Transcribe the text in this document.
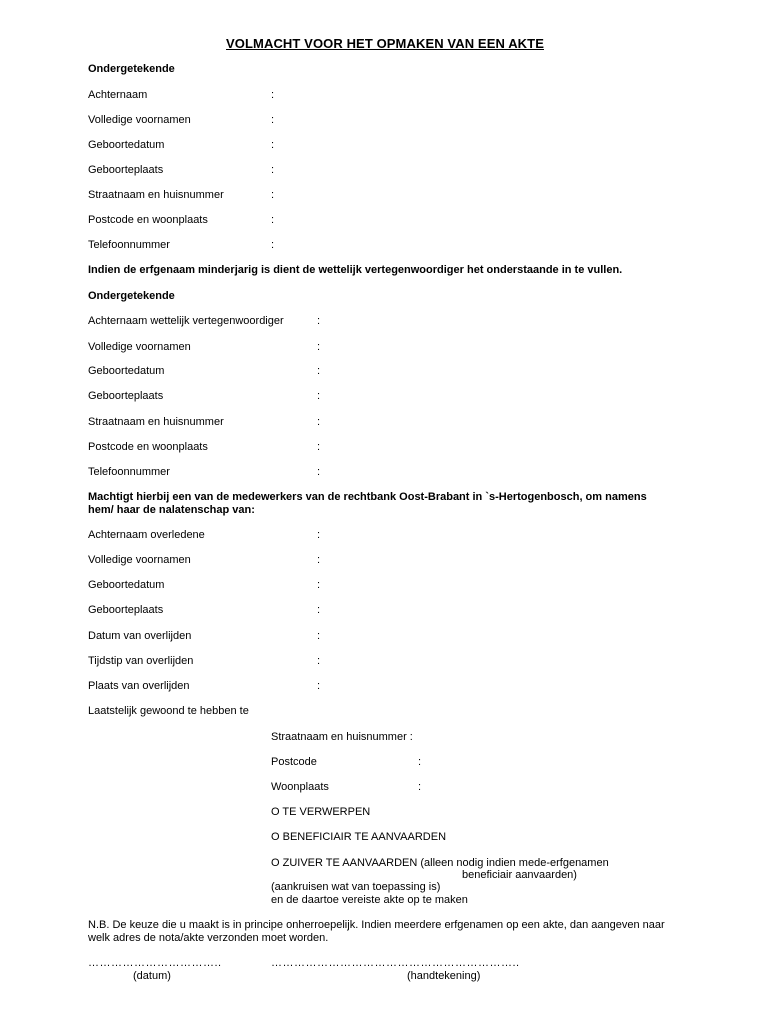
VOLMACHT VOOR HET OPMAKEN VAN EEN AKTE
Ondergetekende
Achternaam	:
Volledige voornamen	:
Geboortedatum	:
Geboorteplaats	:
Straatnaam en huisnummer	:
Postcode en woonplaats	:
Telefoonnummer	:
Indien de erfgenaam minderjarig is dient de wettelijk vertegenwoordiger het onderstaande in te vullen.
Ondergetekende
Achternaam wettelijk vertegenwoordiger	:
Volledige voornamen	:
Geboortedatum	:
Geboorteplaats	:
Straatnaam en huisnummer	:
Postcode en woonplaats	:
Telefoonnummer	:
Machtigt hierbij een van de medewerkers van de rechtbank Oost-Brabant in `s-Hertogenbosch, om namens hem/ haar de nalatenschap van:
Achternaam overledene	:
Volledige voornamen	:
Geboortedatum	:
Geboorteplaats	:
Datum van overlijden	:
Tijdstip van overlijden	:
Plaats van overlijden	:
Laatstelijk gewoond te hebben te
Straatnaam en huisnummer :
Postcode	:
Woonplaats	:
O TE VERWERPEN
O BENEFICIAIR TE AANVAARDEN
O ZUIVER TE AANVAARDEN (alleen nodig indien mede-erfgenamen
beneficiair aanvaarden)
(aankruisen wat van toepassing is)
en de daartoe vereiste akte op te maken
N.B. De keuze die u maakt is in principe onherroepelijk. Indien meerdere erfgenamen op een akte, dan aangeven naar welk adres de nota/akte verzonden moet worden.
……………………………..
(datum)
………………………………………………………..
(handtekening)
